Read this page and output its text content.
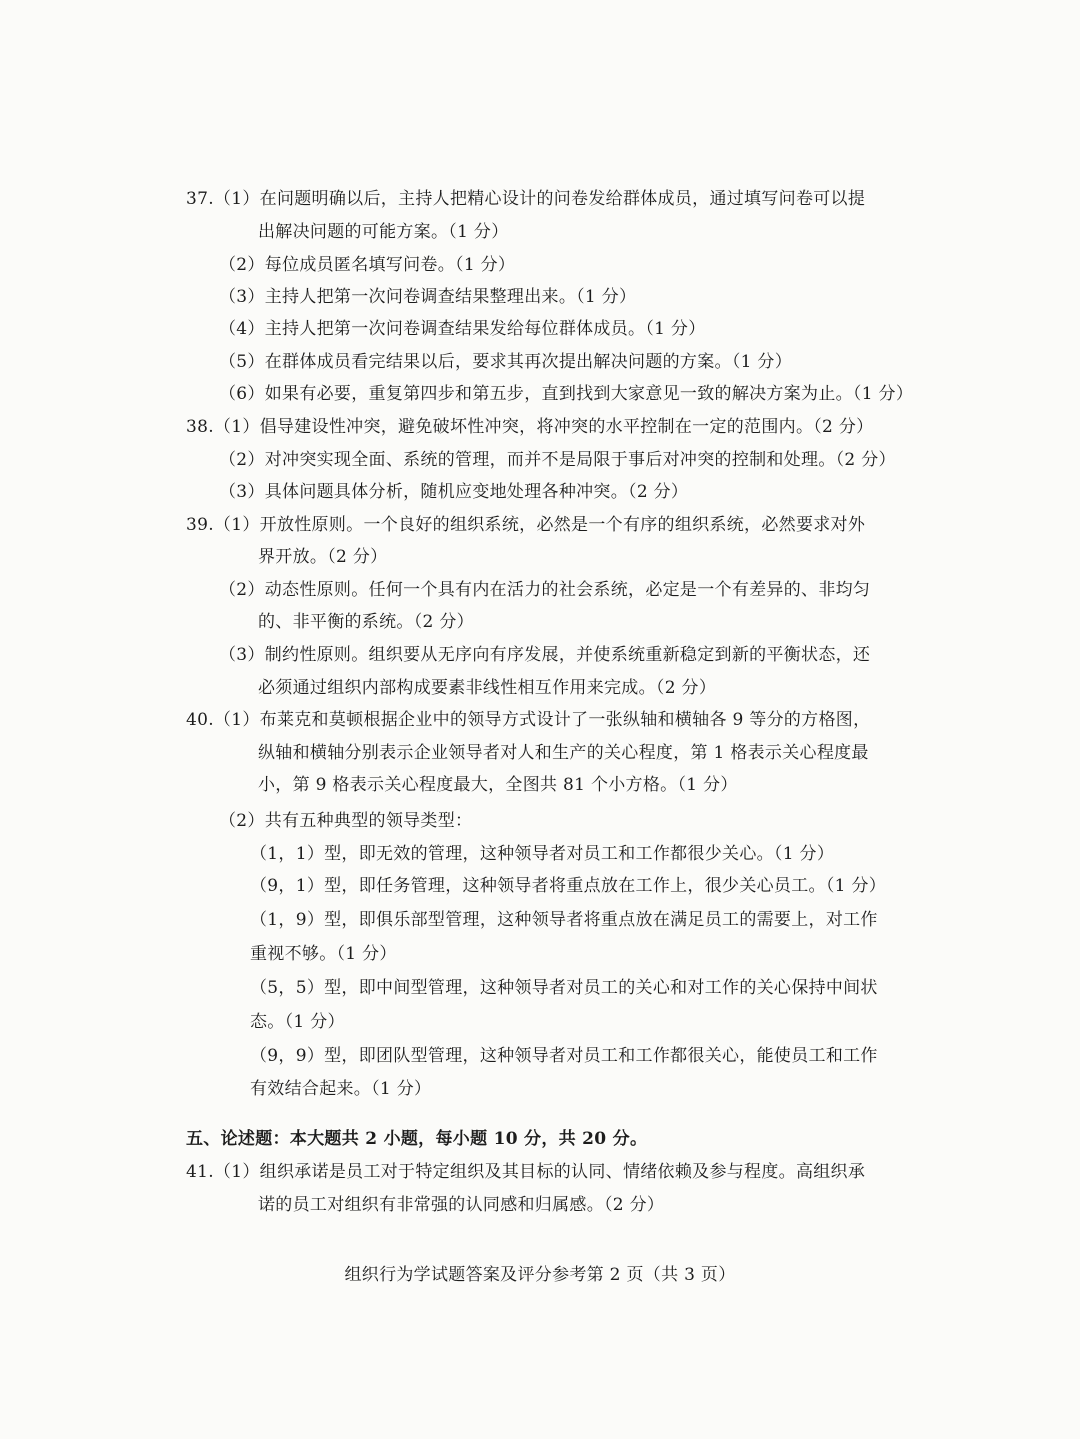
37.（1）在问题明确以后，主持人把精心设计的问卷发给群体成员，通过填写问卷可以提
出解决问题的可能方案。（1 分）
（2）每位成员匿名填写问卷。（1 分）
（3）主持人把第一次问卷调查结果整理出来。（1 分）
（4）主持人把第一次问卷调查结果发给每位群体成员。（1 分）
（5）在群体成员看完结果以后，要求其再次提出解决问题的方案。（1 分）
（6）如果有必要，重复第四步和第五步，直到找到大家意见一致的解决方案为止。（1 分）
38.（1）倡导建设性冲突，避免破坏性冲突，将冲突的水平控制在一定的范围内。（2 分）
（2）对冲突实现全面、系统的管理，而并不是局限于事后对冲突的控制和处理。（2 分）
（3）具体问题具体分析，随机应变地处理各种冲突。（2 分）
39.（1）开放性原则。一个良好的组织系统，必然是一个有序的组织系统，必然要求对外
界开放。（2 分）
（2）动态性原则。任何一个具有内在活力的社会系统，必定是一个有差异的、非均匀
的、非平衡的系统。（2 分）
（3）制约性原则。组织要从无序向有序发展，并使系统重新稳定到新的平衡状态，还
必须通过组织内部构成要素非线性相互作用来完成。（2 分）
40.（1）布莱克和莫顿根据企业中的领导方式设计了一张纵轴和横轴各 9 等分的方格图，
纵轴和横轴分别表示企业领导者对人和生产的关心程度，第 1 格表示关心程度最
小，第 9 格表示关心程度最大，全图共 81 个小方格。（1 分）
（2）共有五种典型的领导类型：
（1，1）型，即无效的管理，这种领导者对员工和工作都很少关心。（1 分）
（9，1）型，即任务管理，这种领导者将重点放在工作上，很少关心员工。（1 分）
（1，9）型，即俱乐部型管理，这种领导者将重点放在满足员工的需要上，对工作
重视不够。（1 分）
（5，5）型，即中间型管理，这种领导者对员工的关心和对工作的关心保持中间状
态。（1 分）
（9，9）型，即团队型管理，这种领导者对员工和工作都很关心，能使员工和工作
有效结合起来。（1 分）
五、论述题：本大题共 2 小题，每小题 10 分，共 20 分。
41.（1）组织承诺是员工对于特定组织及其目标的认同、情绪依赖及参与程度。高组织承
诺的员工对组织有非常强的认同感和归属感。（2 分）
组织行为学试题答案及评分参考第 2 页（共 3 页）
